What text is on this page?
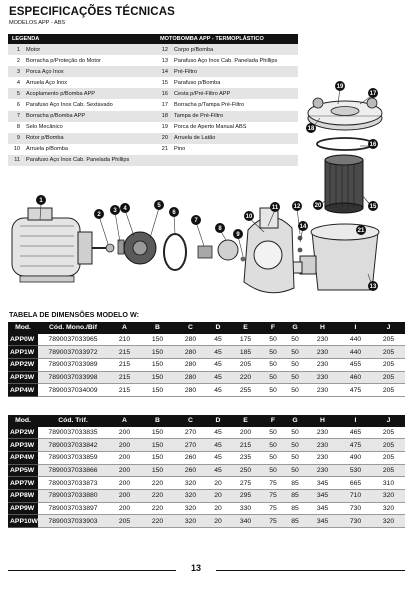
ESPECIFICAÇÕES TÉCNICAS
MODELOS APP - ABS
LEGENDA		MOTOBOMBA APP - TERMOPLÁSTICO	
1	Motor	12	Corpo p/Bomba
2	Borracha p/Proteção do Motor	13	Parafuso Aço Inox Cab. Panelada Phillips
3	Porca Aço Inox	14	Pré-Filtro
4	Arruela Aço Inox	15	Parafuso p/Bomba
5	Acoplamento p/Bomba APP	16	Cesta p/Pré-Filtro APP
6	Parafuso Aço Inox Cab. Sextavado	17	Borracha p/Tampa Pré-Filtro
7	Borracha p/Bomba APP	18	Tampa de Pré-Filtro
8	Selo Mecânico	19	Porca de Aperto Manual ABS
9	Rotor p/Bomba	20	Arruela de Latão
10	Arruela p/Bomba	21	Pino
11	Parafuso Aço Inox Cab. Panelada Phillips		
1
2
3 4	5
6
7
8
9
10
11	12
13
14
15
16
17
18
19
20
21
TABELA DE DIMENSÕES MODELO W:
Mod.	Cód. Mono./Bif	A	B	C	D	E	F	G	H	I	J
APP0W	7890037033965	210	150	280	45	175	50	50	230	440	205
APP1W	7890037033972	215	150	280	45	185	50	50	230	440	205
APP2W	7890037033989	215	150	280	45	205	50	50	230	455	205
APP3W	7890037033998	215	150	280	45	220	50	50	230	460	205
APP4W	7890037034009	215	150	280	45	255	50	50	230	475	205
Mod.	Cód. Trif.	A	B	C	D	E	F	G	H	I	J
APP2W	7890037033835	200	150	270	45	200	50	50	230	465	205
APP3W	7890037033842	200	150	270	45	215	50	50	230	475	205
APP4W	7890037033859	200	150	260	45	235	50	50	230	490	205
APP5W	7890037033866	200	150	260	45	250	50	50	230	530	205
APP7W	7890037033873	200	220	320	20	275	75	85	345	665	310
APP8W	7890037033880	200	220	320	20	295	75	85	345	710	320
APP9W	7890037033897	200	220	320	20	330	75	85	345	730	320
APP10W	7890037033903	205	220	320	20	340	75	85	345	730	320
13
